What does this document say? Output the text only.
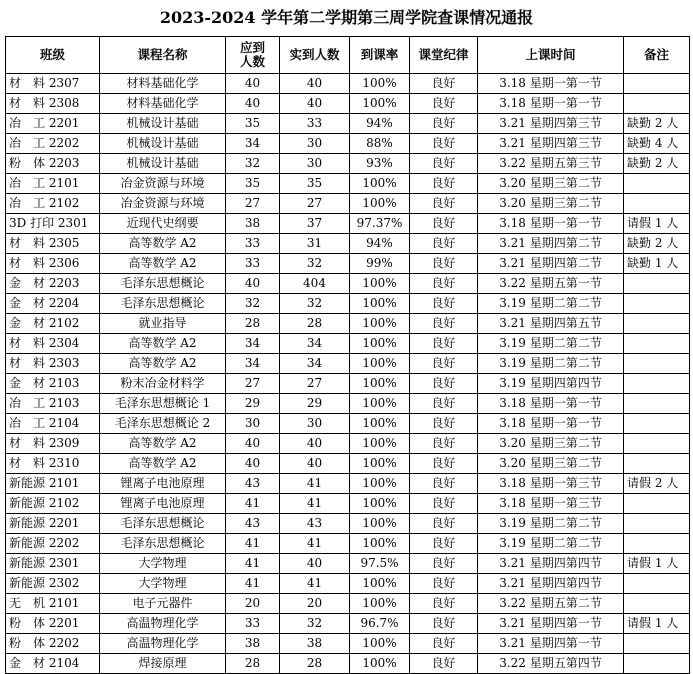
2023-2024 学年第二学期第三周学院查课情况通报
班级	课程名称	应到人数	实到人数	到课率	课堂纪律	上课时间	备注
材　料 2307	材料基础化学	40	40	100%	良好	3.18 星期一第一节	
材　料 2308	材料基础化学	40	40	100%	良好	3.18 星期一第一节	
冶　工 2201	机械设计基础	35	33	94%	良好	3.21 星期四第三节	缺勤 2 人
冶　工 2202	机械设计基础	34	30	88%	良好	3.21 星期四第三节	缺勤 4 人
粉　体 2203	机械设计基础	32	30	93%	良好	3.22 星期五第三节	缺勤 2 人
冶　工 2101	冶金资源与环境	35	35	100%	良好	3.20 星期三第二节	
冶　工 2102	冶金资源与环境	27	27	100%	良好	3.20 星期三第二节	
3D 打印 2301	近现代史纲要	38	37	97.37%	良好	3.18 星期一第一节	请假 1 人
材　料 2305	高等数学 A2	33	31	94%	良好	3.21 星期四第二节	缺勤 2 人
材　料 2306	高等数学 A2	33	32	99%	良好	3.21 星期四第二节	缺勤 1 人
金　材 2203	毛泽东思想概论	40	404	100%	良好	3.22 星期五第一节	
金　材 2204	毛泽东思想概论	32	32	100%	良好	3.19 星期二第二节	
金　材 2102	就业指导	28	28	100%	良好	3.21 星期四第五节	
材　料 2304	高等数学 A2	34	34	100%	良好	3.19 星期二第二节	
材　料 2303	高等数学 A2	34	34	100%	良好	3.19 星期二第二节	
金　材 2103	粉末冶金材料学	27	27	100%	良好	3.19 星期四第四节	
冶　工 2103	毛泽东思想概论 1	29	29	100%	良好	3.18 星期一第一节	
冶　工 2104	毛泽东思想概论 2	30	30	100%	良好	3.18 星期一第一节	
材　料 2309	高等数学 A2	40	40	100%	良好	3.20 星期三第二节	
材　料 2310	高等数学 A2	40	40	100%	良好	3.20 星期三第二节	
新能源 2101	锂离子电池原理	43	41	100%	良好	3.18 星期一第三节	请假 2 人
新能源 2102	锂离子电池原理	41	41	100%	良好	3.18 星期一第三节	
新能源 2201	毛泽东思想概论	43	43	100%	良好	3.19 星期二第二节	
新能源 2202	毛泽东思想概论	41	41	100%	良好	3.19 星期二第二节	
新能源 2301	大学物理	41	40	97.5%	良好	3.21 星期四第四节	请假 1 人
新能源 2302	大学物理	41	41	100%	良好	3.21 星期四第四节	
无　机 2101	电子元器件	20	20	100%	良好	3.22 星期五第二节	
粉　体 2201	高温物理化学	33	32	96.7%	良好	3.21 星期四第一节	请假 1 人
粉　体 2202	高温物理化学	38	38	100%	良好	3.21 星期四第一节	
金　材 2104	焊接原理	28	28	100%	良好	3.22 星期五第四节	
